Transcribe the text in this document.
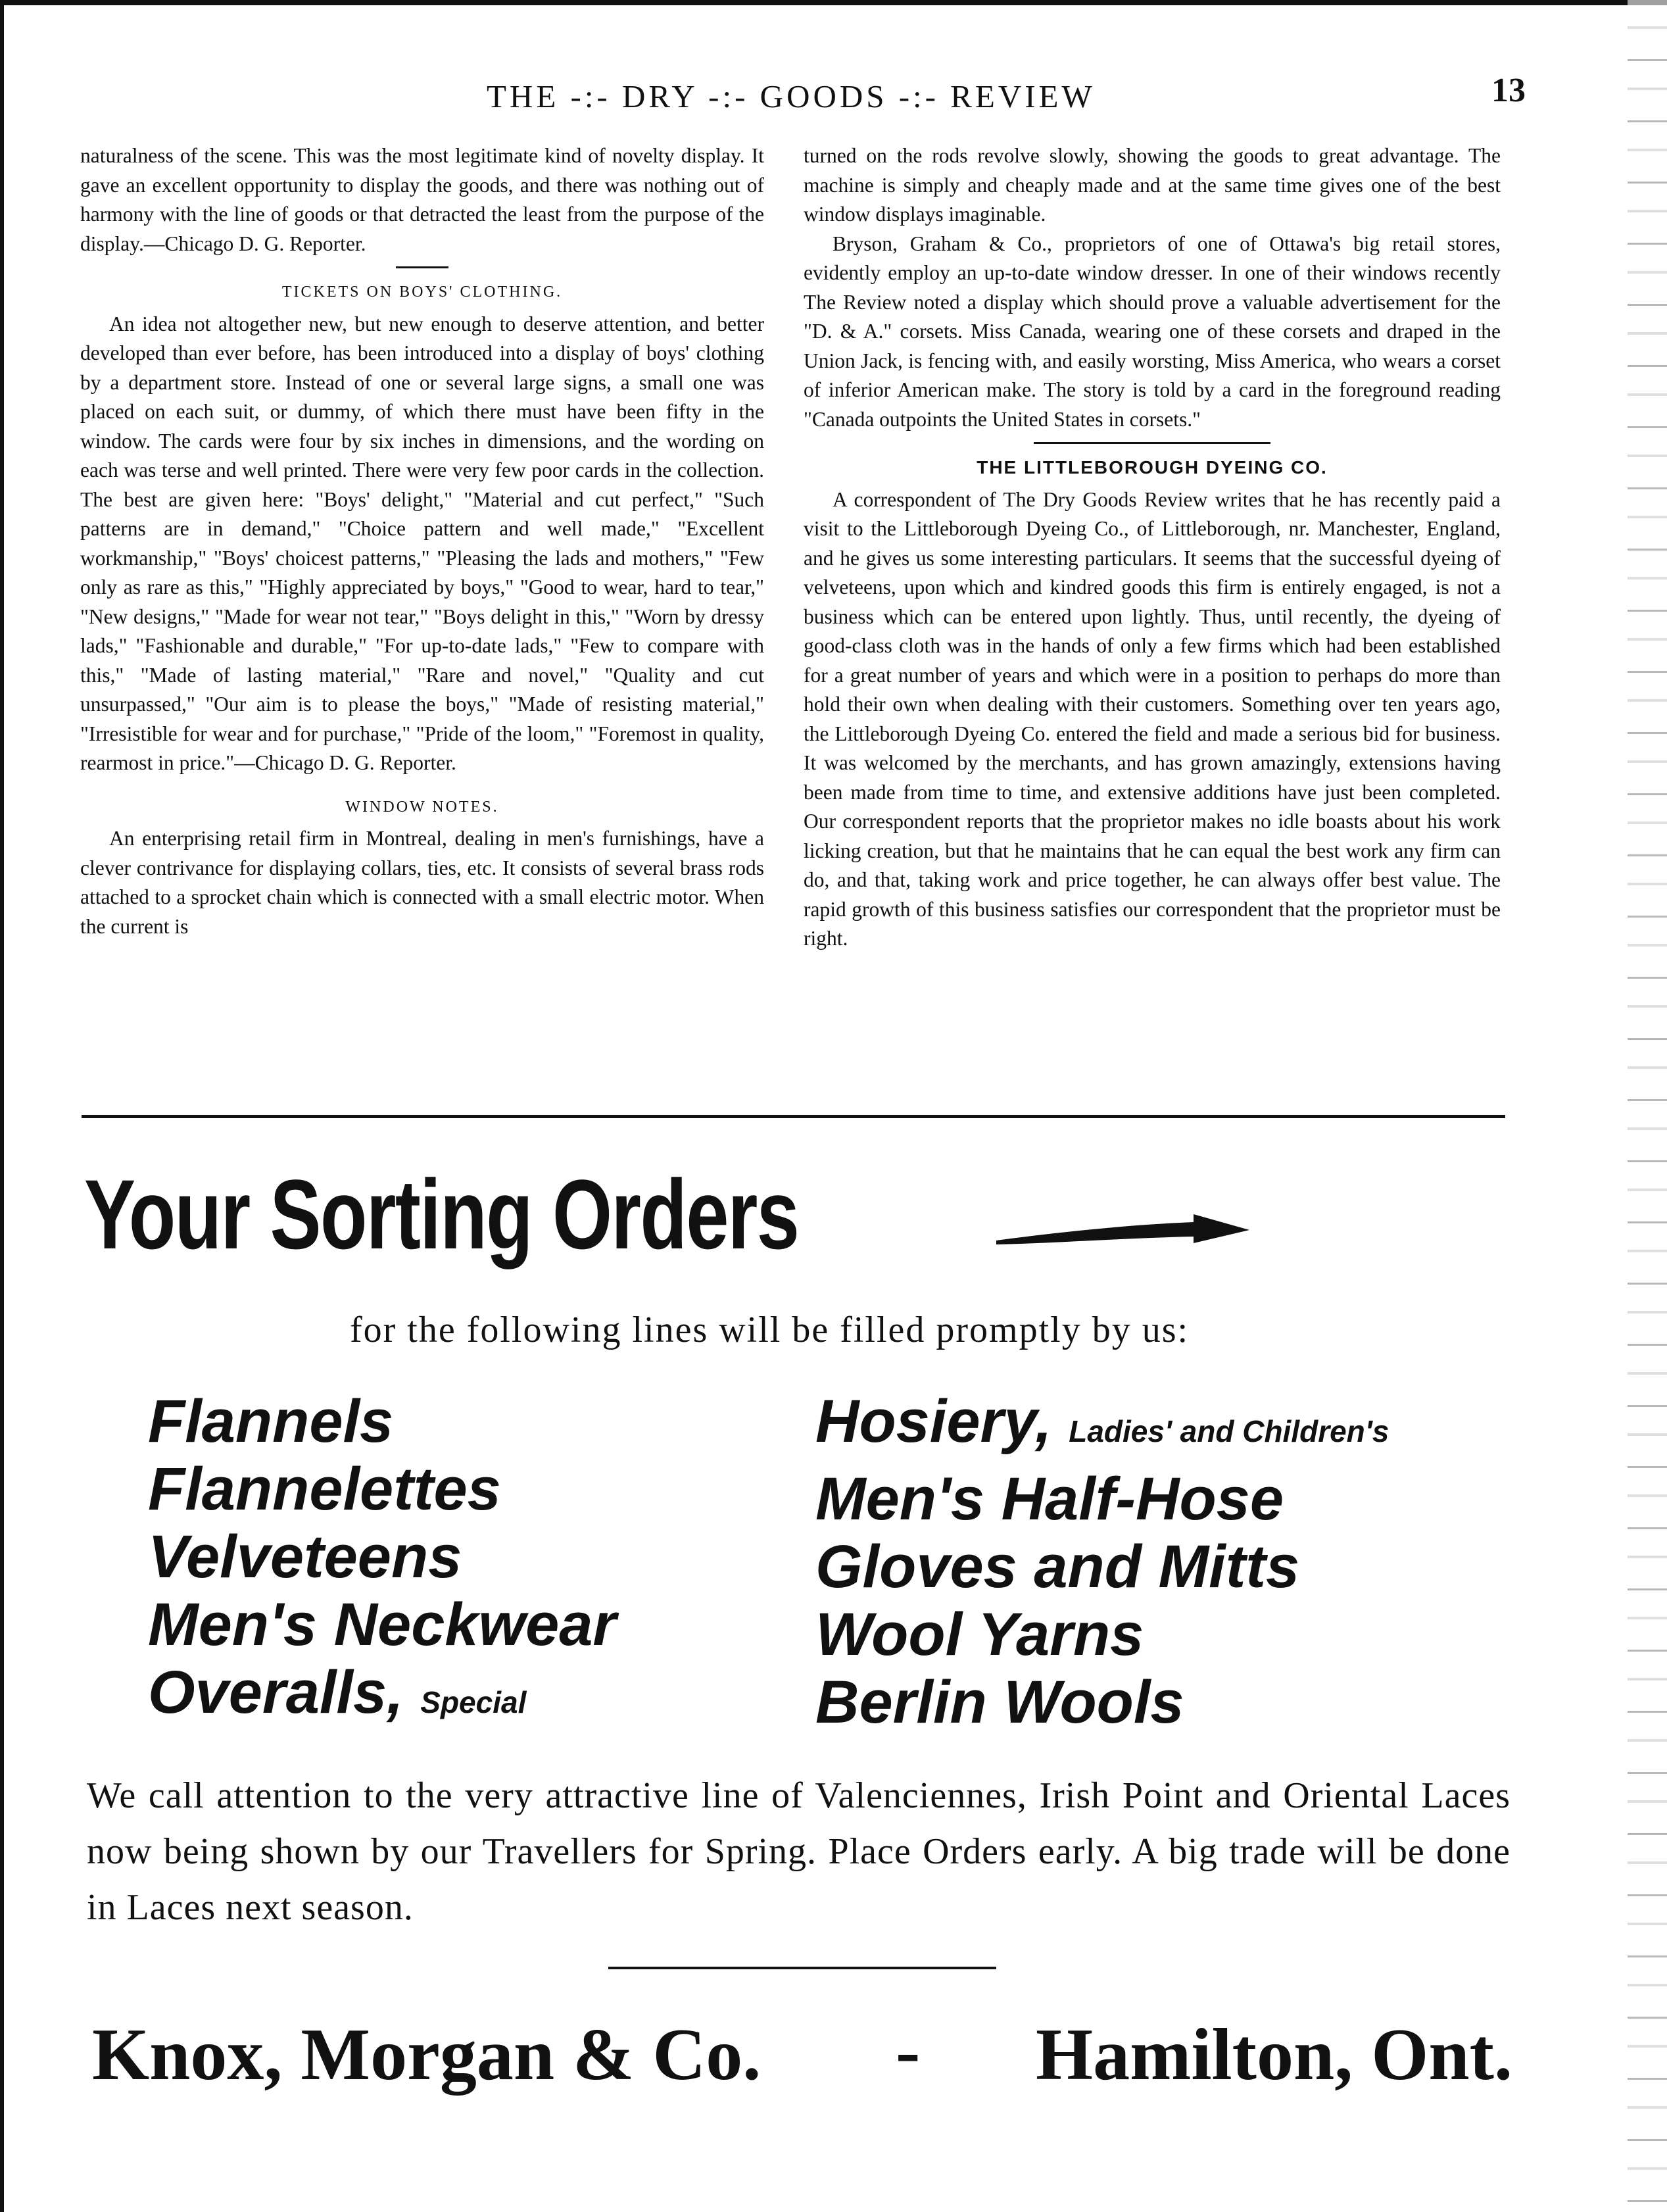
THE -:- DRY -:- GOODS -:- REVIEW	13

naturalness of the scene. This was the most legitimate kind of novelty display. It gave an excellent opportunity to display the goods, and there was nothing out of harmony with the line of goods or that detracted the least from the purpose of the display.—Chicago D. G. Reporter.

TICKETS ON BOYS' CLOTHING.

An idea not altogether new, but new enough to deserve attention, and better developed than ever before, has been introduced into a display of boys' clothing by a department store. Instead of one or several large signs, a small one was placed on each suit, or dummy, of which there must have been fifty in the window. The cards were four by six inches in dimensions, and the wording on each was terse and well printed. There were very few poor cards in the collection. The best are given here: "Boys' delight," "Material and cut perfect," "Such patterns are in demand," "Choice pattern and well made," "Excellent workmanship," "Boys' choicest patterns," "Pleasing the lads and mothers," "Few only as rare as this," "Highly appreciated by boys," "Good to wear, hard to tear," "New designs," "Made for wear not tear," "Boys delight in this," "Worn by dressy lads," "Fashionable and durable," "For up-to-date lads," "Few to compare with this," "Made of lasting material," "Rare and novel," "Quality and cut unsurpassed," "Our aim is to please the boys," "Made of resisting material," "Irresistible for wear and for purchase," "Pride of the loom," "Foremost in quality, rearmost in price."—Chicago D. G. Reporter.

WINDOW NOTES.

An enterprising retail firm in Montreal, dealing in men's furnishings, have a clever contrivance for displaying collars, ties, etc. It consists of several brass rods attached to a sprocket chain which is connected with a small electric motor. When the current is

turned on the rods revolve slowly, showing the goods to great advantage. The machine is simply and cheaply made and at the same time gives one of the best window displays imaginable.

Bryson, Graham & Co., proprietors of one of Ottawa's big retail stores, evidently employ an up-to-date window dresser. In one of their windows recently The Review noted a display which should prove a valuable advertisement for the "D. & A." corsets. Miss Canada, wearing one of these corsets and draped in the Union Jack, is fencing with, and easily worsting, Miss America, who wears a corset of inferior American make. The story is told by a card in the foreground reading "Canada outpoints the United States in corsets."

THE LITTLEBOROUGH DYEING CO.

A correspondent of The Dry Goods Review writes that he has recently paid a visit to the Littleborough Dyeing Co., of Littleborough, nr. Manchester, England, and he gives us some interesting particulars. It seems that the successful dyeing of velveteens, upon which and kindred goods this firm is entirely engaged, is not a business which can be entered upon lightly. Thus, until recently, the dyeing of good-class cloth was in the hands of only a few firms which had been established for a great number of years and which were in a position to perhaps do more than hold their own when dealing with their customers. Something over ten years ago, the Littleborough Dyeing Co. entered the field and made a serious bid for business. It was welcomed by the merchants, and has grown amazingly, extensions having been made from time to time, and extensive additions have just been completed. Our correspondent reports that the proprietor makes no idle boasts about his work licking creation, but that he maintains that he can equal the best work any firm can do, and that, taking work and price together, he can always offer best value. The rapid growth of this business satisfies our correspondent that the proprietor must be right.

Your Sorting Orders
for the following lines will be filled promptly by us:
Flannels
Flannelettes
Velveteens
Men's Neckwear
Overalls, Special
Hosiery, Ladies' and Children's
Men's Half-Hose
Gloves and Mitts
Wool Yarns
Berlin Wools
We call attention to the very attractive line of Valenciennes, Irish Point and Oriental Laces now being shown by our Travellers for Spring. Place Orders early. A big trade will be done in Laces next season.
Knox, Morgan & Co. - Hamilton, Ont.
